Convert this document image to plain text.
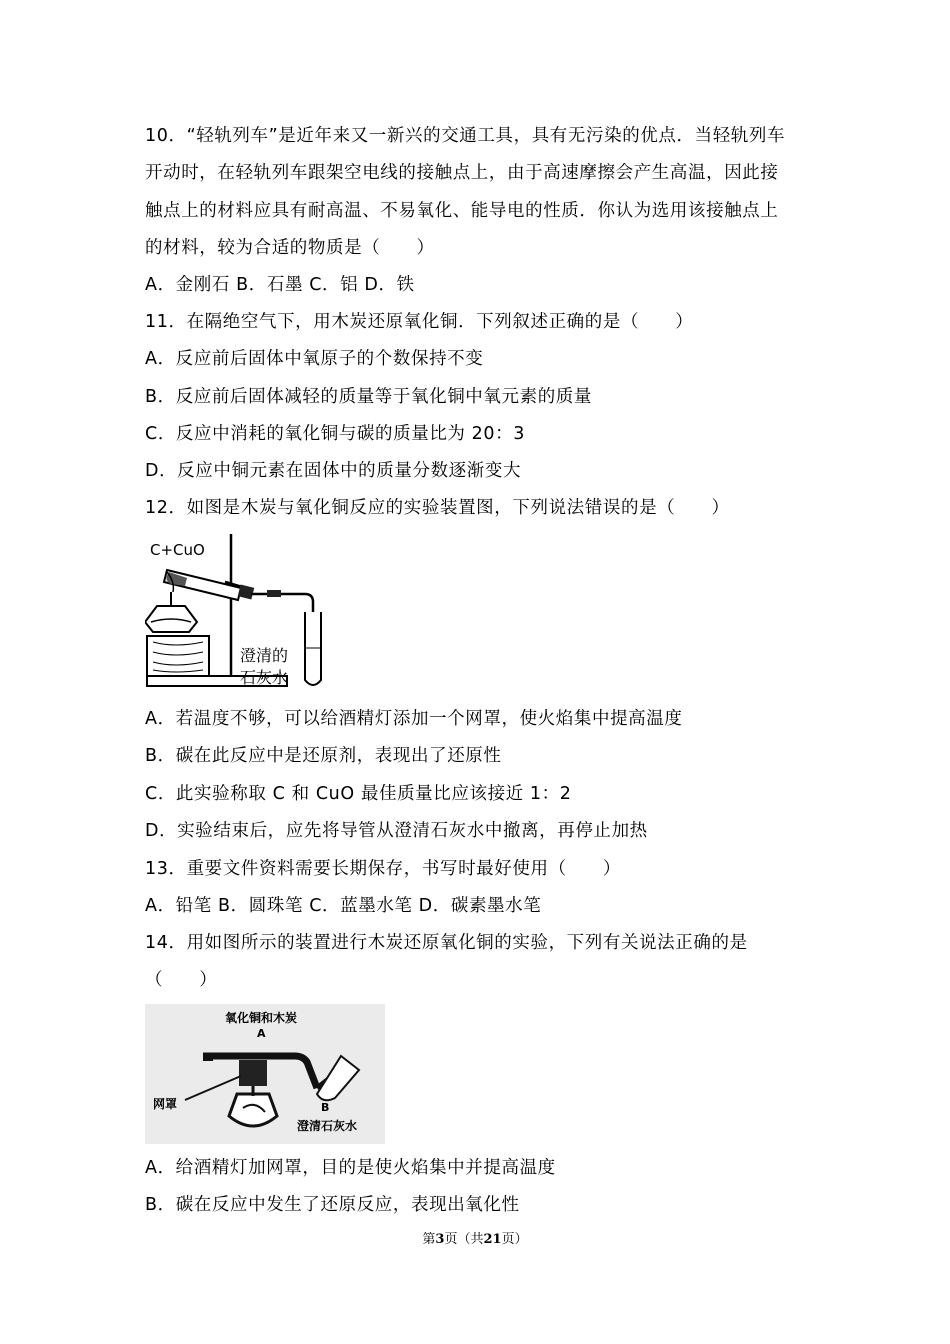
10．“轻轨列车”是近年来又一新兴的交通工具，具有无污染的优点．当轻轨列车
开动时，在轻轨列车跟架空电线的接触点上，由于高速摩擦会产生高温，因此接
触点上的材料应具有耐高温、不易氧化、能导电的性质．你认为选用该接触点上
的材料，较为合适的物质是（　　）
A．金刚石 B．石墨 C．铝 D．铁
11．在隔绝空气下，用木炭还原氧化铜．下列叙述正确的是（　　）
A．反应前后固体中氧原子的个数保持不变
B．反应前后固体减轻的质量等于氧化铜中氧元素的质量
C．反应中消耗的氧化铜与碳的质量比为 20：3
D．反应中铜元素在固体中的质量分数逐渐变大
12．如图是木炭与氧化铜反应的实验装置图，下列说法错误的是（　　）
C+CuO
澄清的
石灰水
A．若温度不够，可以给酒精灯添加一个网罩，使火焰集中提高温度
B．碳在此反应中是还原剂，表现出了还原性
C．此实验称取 C 和 CuO 最佳质量比应该接近 1：2
D．实验结束后，应先将导管从澄清石灰水中撤离，再停止加热
13．重要文件资料需要长期保存，书写时最好使用（　　）
A．铅笔 B．圆珠笔 C．蓝墨水笔 D．碳素墨水笔
14．用如图所示的装置进行木炭还原氧化铜的实验，下列有关说法正确的是
（　　）
氧化铜和木炭
A
网罩	B
澄清石灰水
A．给酒精灯加网罩，目的是使火焰集中并提高温度
B．碳在反应中发生了还原反应，表现出氧化性
第3页（共21页）
